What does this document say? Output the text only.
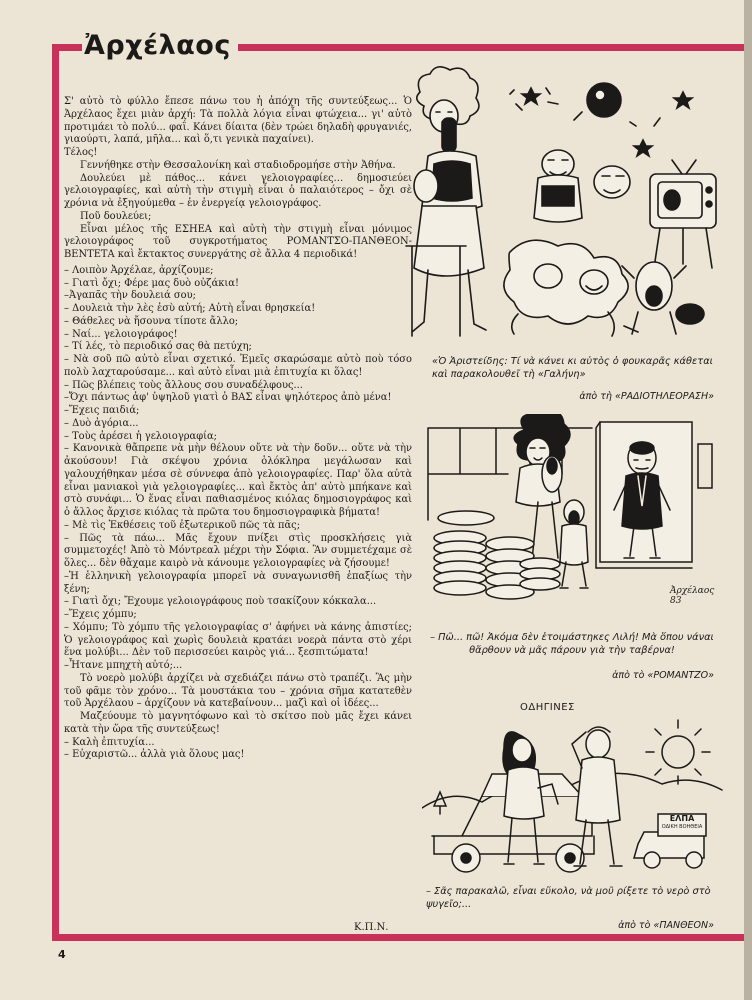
Ἀρχέλαος

Σ' αὐτὸ τὸ φύλλο ἔπεσε πάνω του ἡ ἀπόχη τῆς συντεύξεως... Ὁ Ἀρχέλαος ἔχει μιὰν ἀρχή: Τὰ πολλὰ λόγια εἶναι φτώχεια... γι' αὐτὸ προτιμάει τὸ πολύ... φαΐ. Κάνει δίαιτα (δὲν τρώει δηλαδὴ φρυγανιές, γιαούρτι, λαπά, μῆλα... καὶ ὅ,τι γενικὰ παχαίνει).

Τέλος!

Γεννήθηκε στὴν Θεσσαλονίκη καὶ σταδιοδρομήσε στὴν Ἀθήνα.

Δουλεύει μὲ πάθος... κάνει γελοιογραφίες... δημοσιεύει γελοιογραφίες, καὶ αὐτὴ τὴν στιγμὴ εἶναι ὁ παλαιότερος – ὄχι σὲ χρόνια νὰ ἐξηγούμεθα – ἐν ἐνεργείᾳ γελοιογράφος.

Ποῦ δουλεύει;

Εἶναι μέλος τῆς ΕΣΗΕΑ καὶ αὐτὴ τὴν στιγμὴ εἶναι μόνιμος γελοιογράφος τοῦ συγκροτήματος ΡΟΜΑΝΤΣΟ-ΠΑΝΘΕΟΝ-ΒΕΝΤΕΤΑ καὶ ἔκτακτος συνεργάτης σὲ ἄλλα 4 περιοδικά!

– Λοιπὸν Ἀρχέλαε, ἀρχίζουμε;

– Γιατὶ ὄχι; Φέρε μας δυὸ οὐζάκια!

–Ἀγαπᾶς τὴν δουλειά σου;

– Δουλειὰ τὴν λὲς ἐσὺ αὐτή; Αὐτὴ εἶναι θρησκεία!

– Θάθελες νὰ ἤσουνα τίποτε ἄλλο;

– Ναί... γελοιογράφος!

– Τί λές, τὸ περιοδικό σας θὰ πετύχη;

– Νὰ σοῦ πῶ αὐτὸ εἶναι σχετικό. Ἐμεῖς σκαρώσαμε αὐτὸ ποὺ τόσο πολὺ λαχταρούσαμε... καὶ αὐτὸ εἶναι μιὰ ἐπιτυχία κι ὅλας!

– Πῶς βλέπεις τοὺς ἄλλους σου συναδέλφους...

–Ὄχι πάντως ἀφ' ὑψηλοῦ γιατὶ ὁ ΒΑΣ εἶναι ψηλότερος ἀπὸ μένα!

–Ἔχεις παιδιά;

– Δυὸ ἀγόρια...

– Τοὺς ἀρέσει ἡ γελοιογραφία;

– Κανονικὰ θἄπρεπε νὰ μὴν θέλουν οὔτε νὰ τὴν δοῦν... οὔτε νὰ τὴν ἀκούσουν! Γιὰ σκέψου χρόνια ὁλόκληρα μεγάλωσαν καὶ γαλουχήθηκαν μέσα σὲ σύννεφα ἀπὸ γελοιογραφίες. Παρ' ὅλα αὐτὰ εἶναι μανιακοὶ γιὰ γελοιογραφίες... καὶ ἔκτὸς ἀπ' αὐτὸ μπήκανε καὶ στὸ συνάφι... Ὁ ἕνας εἶναι παθιασμένος κιόλας δημοσιογράφος καὶ ὁ ἄλλος ἄρχισε κιόλας τὰ πρῶτα του δημοσιογραφικὰ βήματα!

– Μὲ τὶς Ἐκθέσεις τοῦ ἐξωτερικοῦ πῶς τὰ πᾶς;

– Πῶς τὰ πάω... Μᾶς ἔχουν πνίξει στὶς προσκλήσεις γιὰ συμμετοχές! Ἀπὸ τὸ Μόντρεαλ μέχρι τὴν Σόφια. Ἂν συμμετέχαμε σὲ ὅλες... δὲν θἄχαμε καιρὸ νὰ κάνουμε γελοιογραφίες νὰ ζήσουμε!

–Ἡ ἑλληνικὴ γελοιογραφία μπορεῖ νὰ συναγωνισθῆ ἐπαξίως τὴν ξένη;

– Γιατὶ ὄχι; Ἔχουμε γελοιογράφους ποὺ τσακίζουν κόκκαλα...

–Ἔχεις χόμπυ;

– Χόμπυ; Τὸ χόμπυ τῆς γελοιογραφίας σ' ἀφήνει νὰ κάνης ἀπιστίες; Ὁ γελοιογράφος καὶ χωρὶς δουλειὰ κρατάει νοερὰ πάντα στὸ χέρι ἕνα μολύβι... Δὲν τοῦ περισσεύει καιρὸς γιά... ξεσπιτώματα!

–Ἦτανε μπηχτὴ αὐτό;...

Τὸ νοερὸ μολύβι ἀρχίζει νὰ σχεδιάζει πάνω στὸ τραπέζι. Ἂς μὴν τοῦ φᾶμε τὸν χρόνο... Τὰ μουστάκια του – χρόνια σῆμα κατατεθὲν τοῦ Ἀρχέλαου – ἀρχίζουν νὰ κατεβαίνουν... μαζὶ καὶ οἱ ἰδέες...

Μαζεύουμε τὸ μαγνητόφωνο καὶ τὸ σκίτσο ποὺ μᾶς ἔχει κάνει κατὰ τὴν ὥρα τῆς συντεύξεως!

– Καλὴ ἐπιτυχία...

– Εὐχαριστῶ... ἀλλὰ γιὰ ὅλους μας!

Κ.Π.Ν.
«Ὁ Ἀριστείδης: Τί νὰ κάνει κι αὐτὸς ὁ φουκαρᾶς κάθεται καὶ παρακολουθεῖ τὴ «Γαλήνη»
ἀπὸ τὴ «ΡΑΔΙΟΤΗΛΕΟΡΑΣΗ»
Ἀρχέλαος 83
– Πῶ... πῶ! Ἀκόμα δὲν ἑτοιμάστηκες Λιλή! Μὰ ὅπου νάναι θἄρθουν νὰ μᾶς πάρουν γιὰ τὴν ταβέρνα!
ἀπὸ τὸ «ΡΟΜΑΝΤΖΟ»
ΟΔΗΓΙΝΕΣ
ΕΛΠΑ
ΟΔΙΚΗ ΒΟΗΘΕΙΑ
– Σᾶς παρακαλῶ, εἶναι εὔκολο, νὰ μοῦ ρίξετε τὸ νερὸ στὸ ψυγεῖο;...
ἀπὸ τὸ «ΠΑΝΘΕΟΝ»
4
